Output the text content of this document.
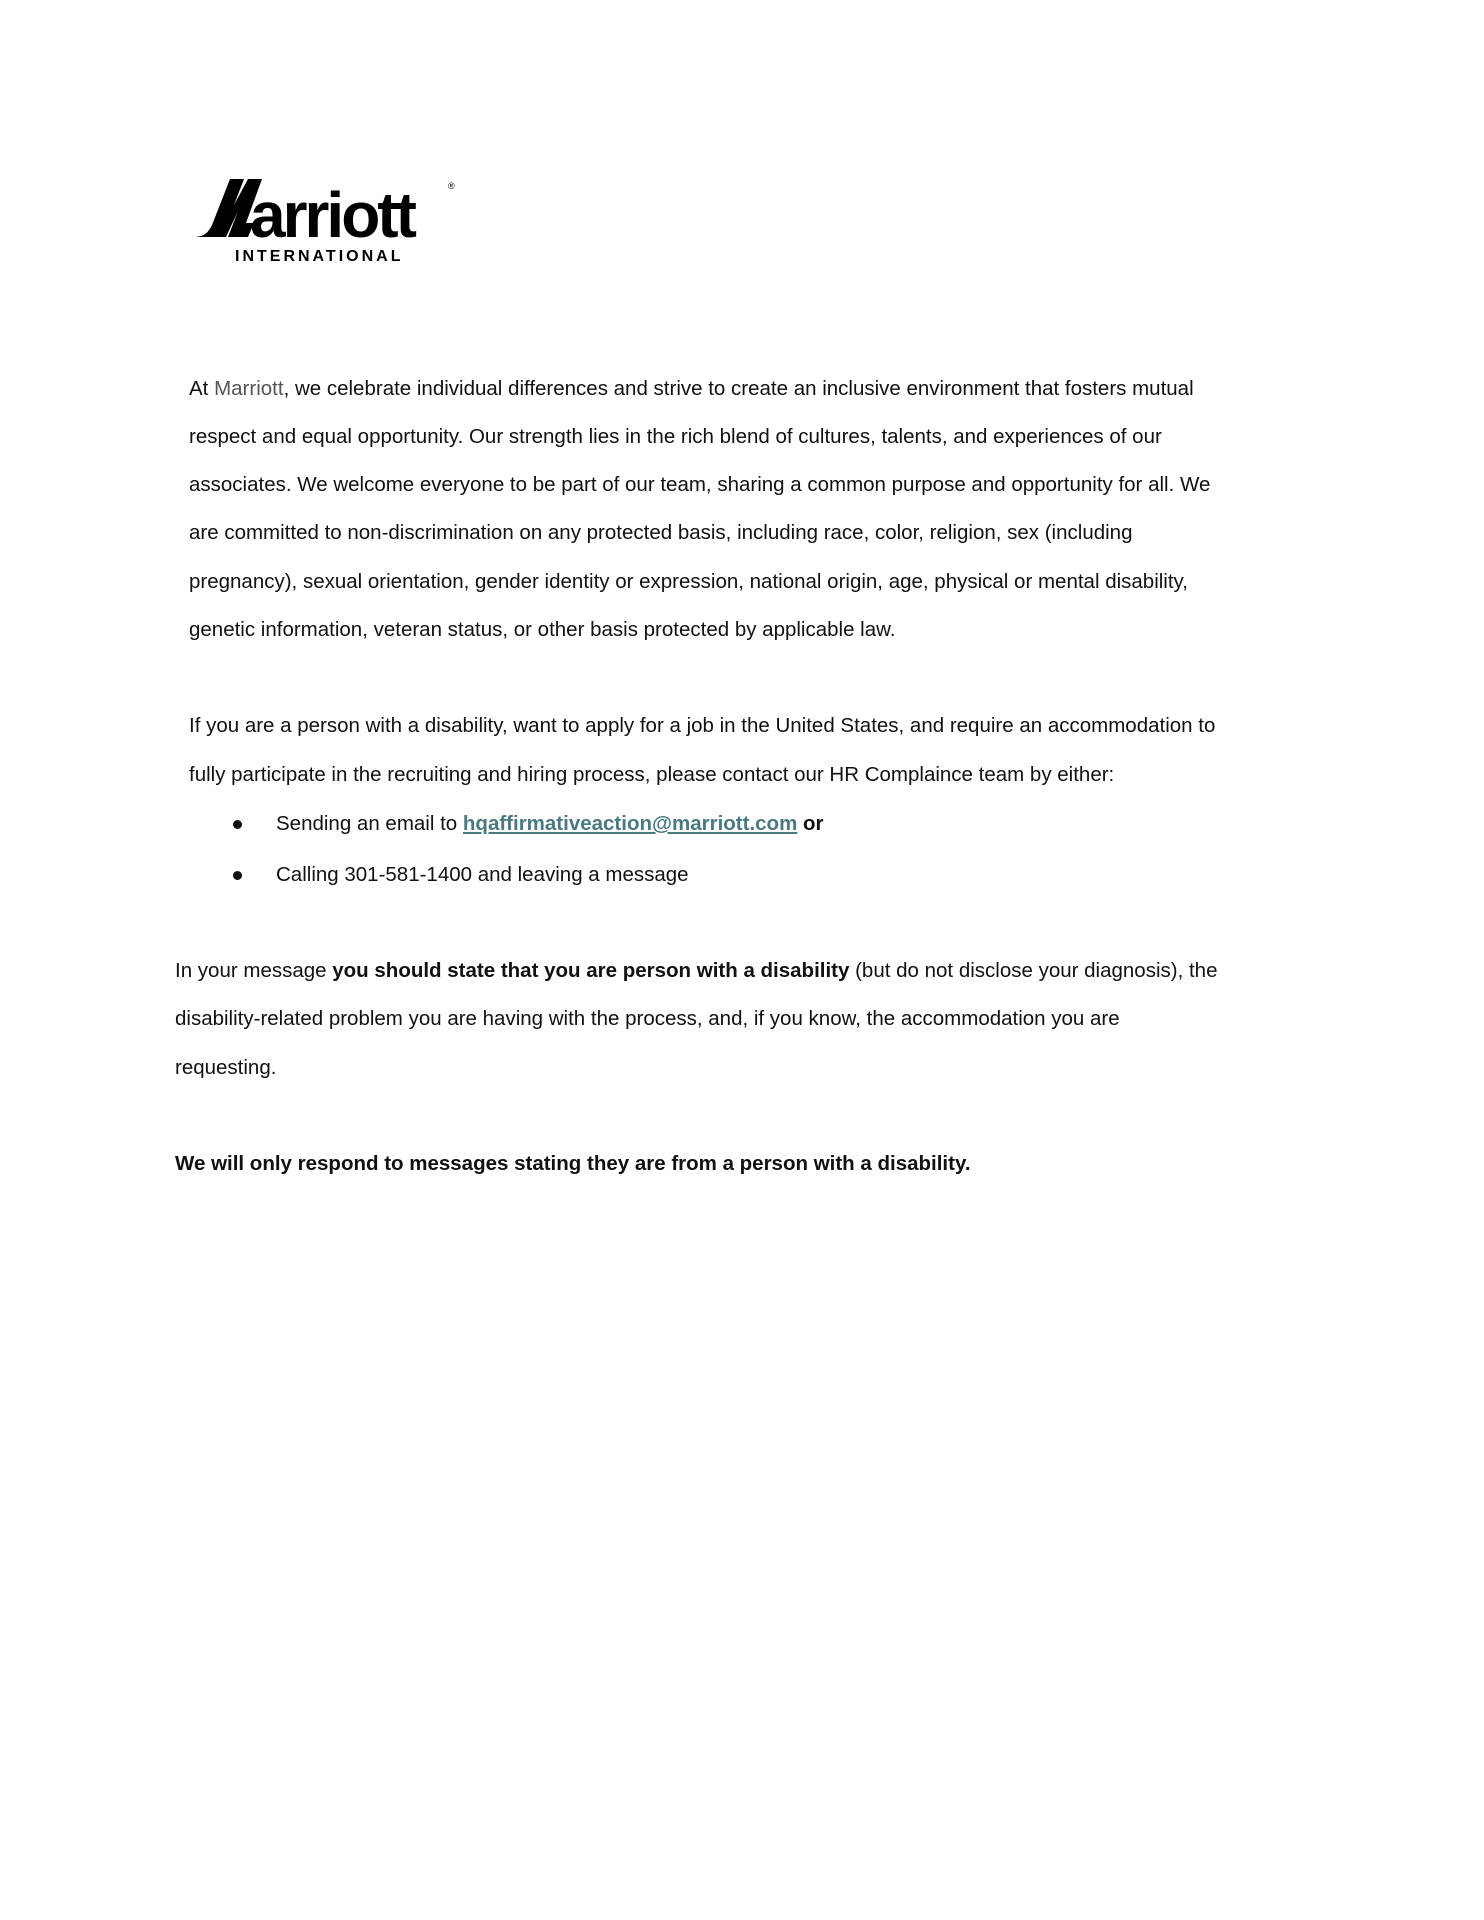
arriott	®
INTERNATIONAL
At Marriott, we celebrate individual differences and strive to create an inclusive environment that fosters mutual
respect and equal opportunity. Our strength lies in the rich blend of cultures, talents, and experiences of our
associates. We welcome everyone to be part of our team, sharing a common purpose and opportunity for all. We
are committed to non-discrimination on any protected basis, including race, color, religion, sex (including
pregnancy), sexual orientation, gender identity or expression, national origin, age, physical or mental disability,
genetic information, veteran status, or other basis protected by applicable law.
If you are a person with a disability, want to apply for a job in the United States, and require an accommodation to
fully participate in the recruiting and hiring process, please contact our HR Complaince team by either:
Sending an email to hqaffirmativeaction@marriott.com or
Calling 301-581-1400 and leaving a message
In your message you should state that you are person with a disability (but do not disclose your diagnosis), the
disability-related problem you are having with the process, and, if you know, the accommodation you are
requesting.
We will only respond to messages stating they are from a person with a disability.
